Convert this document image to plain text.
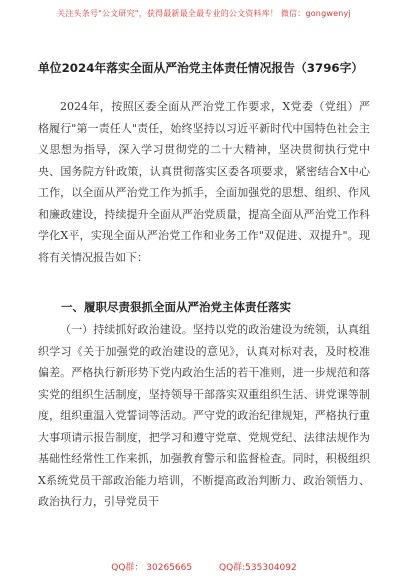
关注头条号"公文研究"，获得最新最全最专业的公文资料库！ 微信：gongwenyj
单位2024年落实全面从严治党主体责任情况报告（3796字）
2024年，按照区委全面从严治党工作要求，X党委（党组）严格履行"第一责任人"责任，始终坚持以习近平新时代中国特色社会主义思想为指导，深入学习贯彻党的二十大精神，坚决贯彻执行党中央、国务院方针政策，认真贯彻落实区委各项要求，紧密结合X中心工作，以全面从严治党工作为抓手，全面加强党的思想、组织、作风和廉政建设，持续提升全面从严治党质量，提高全面从严治党工作科学化X平，实现全面从严治党工作和业务工作"双促进、双提升"。现将有关情况报告如下：
一、履职尽责狠抓全面从严治党主体责任落实
（一）持续抓好政治建设。坚持以党的政治建设为统领，认真组织学习《关于加强党的政治建设的意见》，认真对标对表，及时校准偏差。严格执行新形势下党内政治生活的若干准则，进一步规范和落实党的组织生活制度，坚持领导干部落实双重组织生活、讲党课等制度，组织重温入党誓词等活动。严守党的政治纪律规矩，严格执行重大事项请示报告制度，把学习和遵守党章、党规党纪、法律法规作为基础性经常性工作来抓，加强教育警示和监督检查。同时，积极组织X系统党员干部政治能力培训，不断提高政治判断力、政治领悟力、政治执行力，引导党员干
QQ群： 30265665	QQ群:535304092
